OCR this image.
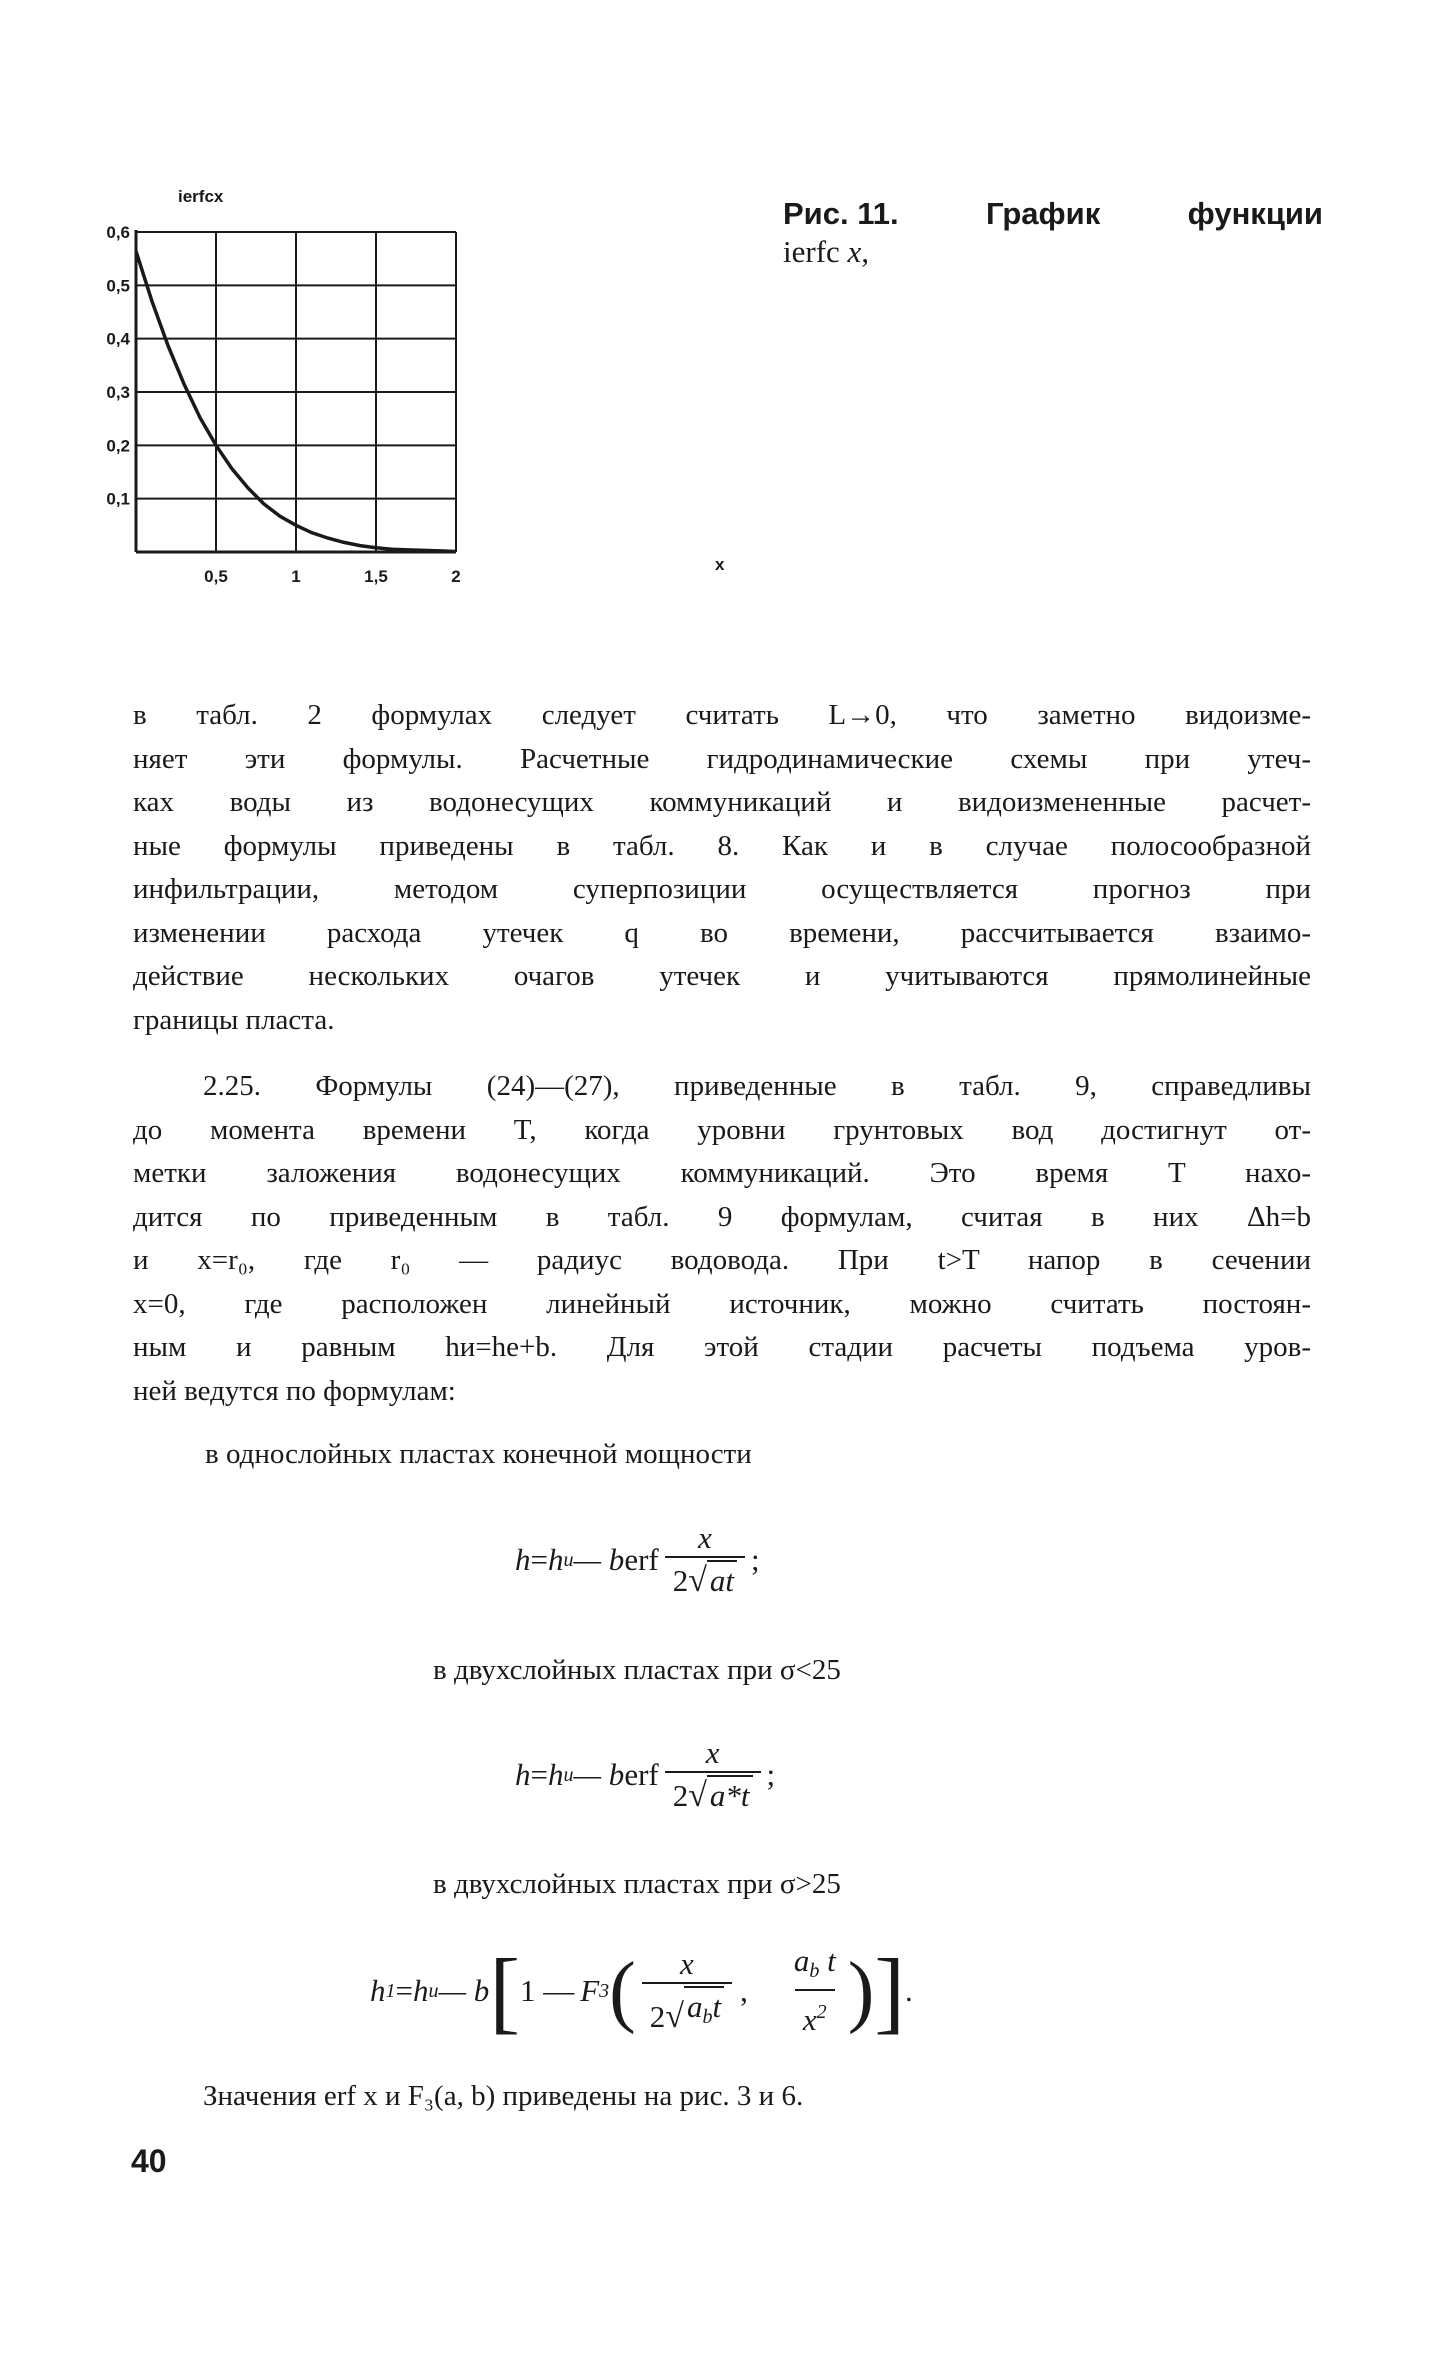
0,6
0,5
0,4
0,3
0,2
0,1
0,5	1	1,5	2
ierfcx
x
Рис. 11.	График	функции
ierfc x,
в табл. 2 формулах следует считать L→0, что заметно видоизме-
няет эти формулы. Расчетные гидродинамические схемы при утеч-
ках воды из водонесущих коммуникаций и видоизмененные расчет-
ные формулы приведены в табл. 8. Как и в случае полосообразной
инфильтрации, методом суперпозиции осуществляется прогноз при
изменении расхода утечек q во времени, рассчитывается взаимо-
действие нескольких очагов утечек и учитываются прямолинейные
границы пласта.
2.25. Формулы (24)—(27), приведенные в табл. 9, справедливы
до момента времени T, когда уровни грунтовых вод достигнут от-
метки заложения водонесущих коммуникаций. Это время T нахо-
дится по приведенным в табл. 9 формулам, считая в них Δh=b
и x=r₀, где r₀ — радиус водовода. При t>T напор в сечении
x=0, где расположен линейный источник, можно считать постоян-
ным и равным hи=hе+b. Для этой стадии расчеты подъема уров-
ней ведутся по формулам:
в однослойных пластах конечной мощности
h = h и — b erf $\frac{x}{2 √ at}$ ;
в двухслойных пластах при σ<25
h = h и — b erf $\frac{x}{2 √ a*t}$ ;
в двухслойных пластах при σ>25
h 1 = h и — b [ 1 — F 3 ( $\frac{x}{2 √ a_bt}$ , $\frac{a_b t}{x^2}$ ) ] .
Значения erf x и F₃(a, b) приведены на рис. 3 и 6.
40
